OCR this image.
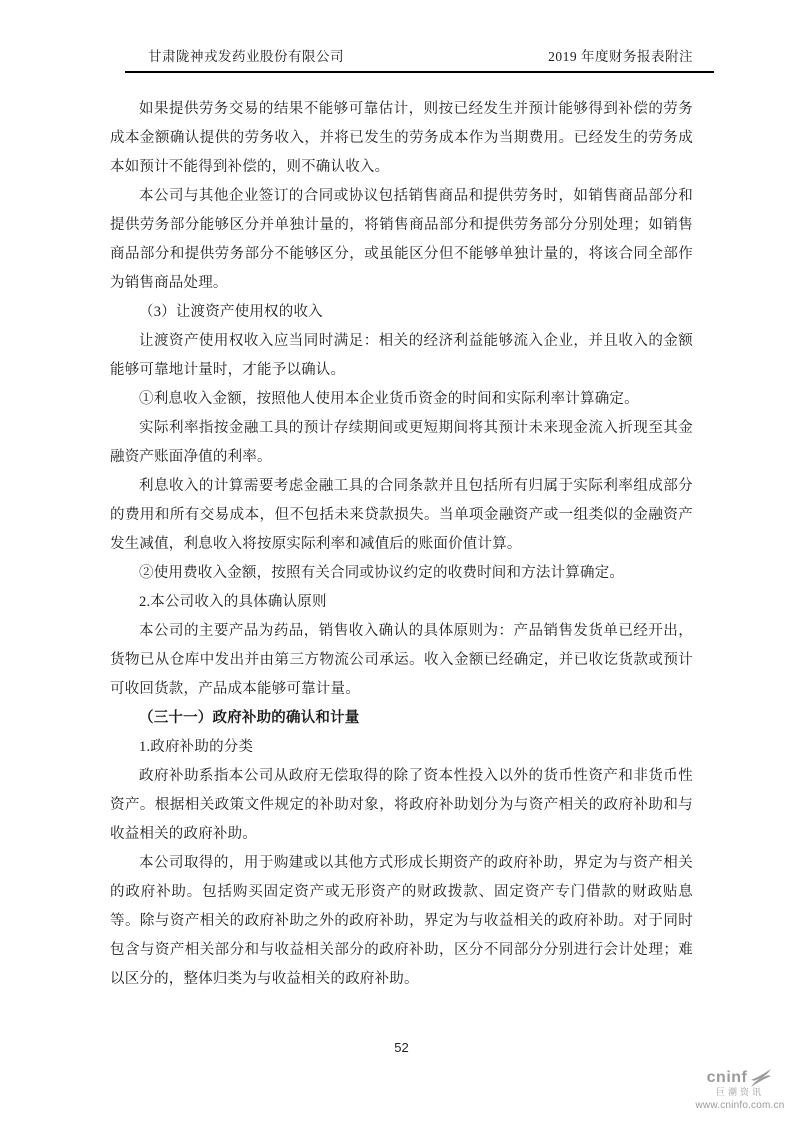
甘肃陇神戎发药业股份有限公司	2019 年度财务报表附注

如果提供劳务交易的结果不能够可靠估计，则按已经发生并预计能够得到补偿的劳务成本金额确认提供的劳务收入，并将已发生的劳务成本作为当期费用。已经发生的劳务成本如预计不能得到补偿的，则不确认收入。

本公司与其他企业签订的合同或协议包括销售商品和提供劳务时，如销售商品部分和提供劳务部分能够区分并单独计量的，将销售商品部分和提供劳务部分分别处理；如销售商品部分和提供劳务部分不能够区分，或虽能区分但不能够单独计量的，将该合同全部作为销售商品处理。

（3）让渡资产使用权的收入

让渡资产使用权收入应当同时满足：相关的经济利益能够流入企业，并且收入的金额能够可靠地计量时，才能予以确认。

①利息收入金额，按照他人使用本企业货币资金的时间和实际利率计算确定。

实际利率指按金融工具的预计存续期间或更短期间将其预计未来现金流入折现至其金融资产账面净值的利率。

利息收入的计算需要考虑金融工具的合同条款并且包括所有归属于实际利率组成部分的费用和所有交易成本，但不包括未来贷款损失。当单项金融资产或一组类似的金融资产发生减值，利息收入将按原实际利率和减值后的账面价值计算。

②使用费收入金额，按照有关合同或协议约定的收费时间和方法计算确定。

2.本公司收入的具体确认原则

本公司的主要产品为药品，销售收入确认的具体原则为：产品销售发货单已经开出，货物已从仓库中发出并由第三方物流公司承运。收入金额已经确定，并已收讫货款或预计可收回货款，产品成本能够可靠计量。

（三十一）政府补助的确认和计量

1.政府补助的分类

政府补助系指本公司从政府无偿取得的除了资本性投入以外的货币性资产和非货币性资产。根据相关政策文件规定的补助对象，将政府补助划分为与资产相关的政府补助和与收益相关的政府补助。

本公司取得的，用于购建或以其他方式形成长期资产的政府补助，界定为与资产相关的政府补助。包括购买固定资产或无形资产的财政拨款、固定资产专门借款的财政贴息等。除与资产相关的政府补助之外的政府补助，界定为与收益相关的政府补助。对于同时包含与资产相关部分和与收益相关部分的政府补助，区分不同部分分别进行会计处理；难以区分的，整体归类为与收益相关的政府补助。

52
cninf
巨潮资讯
www.cninfo.com.cn
